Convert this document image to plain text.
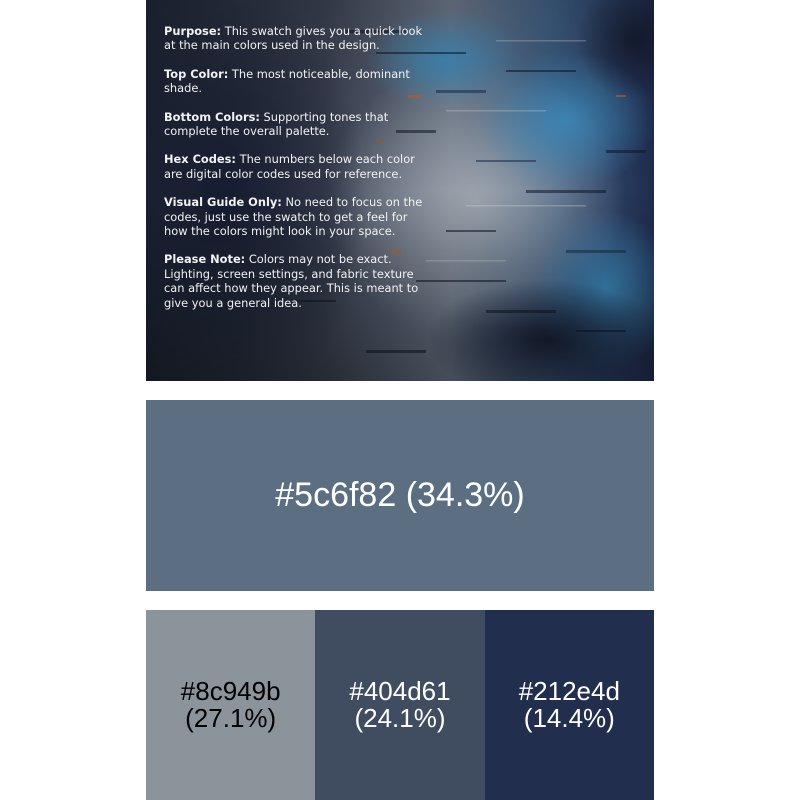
Purpose: This swatch gives you a quick look at the main colors used in the design.

Top Color: The most noticeable, dominant shade.

Bottom Colors: Supporting tones that complete the overall palette.

Hex Codes: The numbers below each color are digital color codes used for reference.

Visual Guide Only: No need to focus on the codes, just use the swatch to get a feel for how the colors might look in your space.

Please Note: Colors may not be exact. Lighting, screen settings, and fabric texture can affect how they appear. This is meant to give you a general idea.

#5c6f82 (34.3%)
#8c949b
(27.1%)
#404d61
(24.1%)
#212e4d
(14.4%)
